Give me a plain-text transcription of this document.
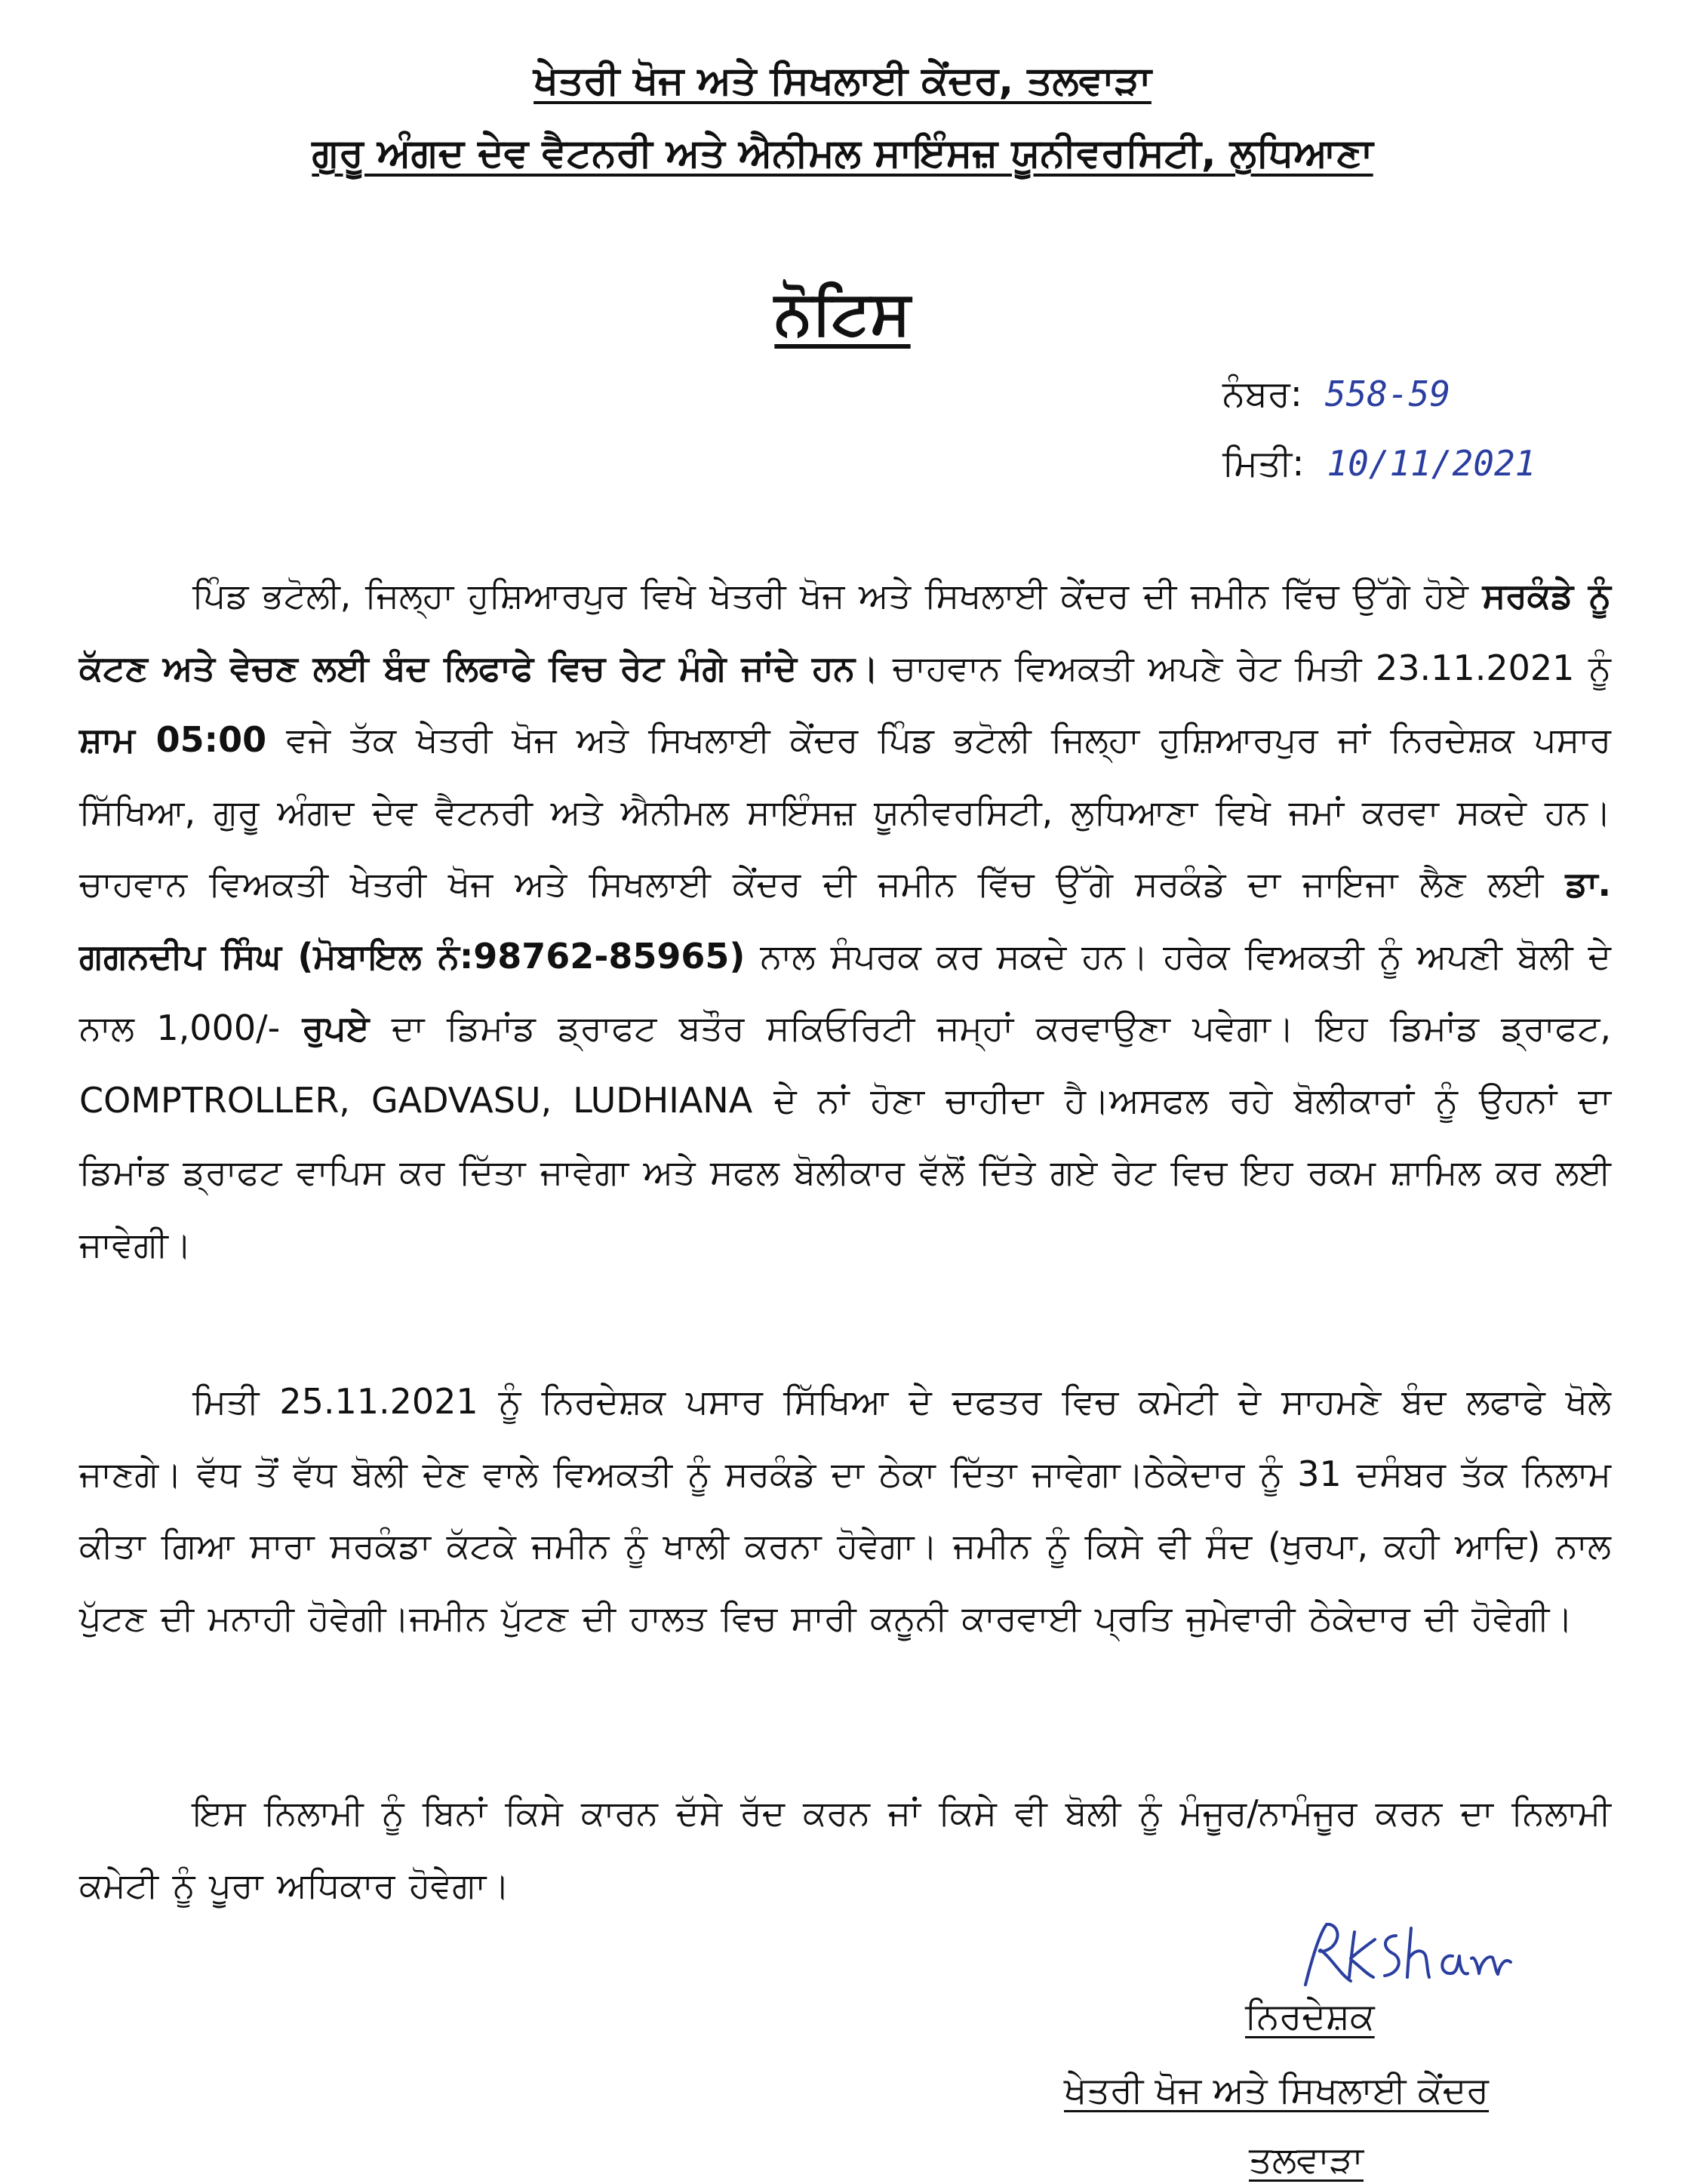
ਖੇਤਰੀ ਖੋਜ ਅਤੇ ਸਿਖਲਾਈ ਕੇਂਦਰ, ਤਲਵਾੜਾ
ਗੁਰੂ ਅੰਗਦ ਦੇਵ ਵੈਟਨਰੀ ਅਤੇ ਐਨੀਮਲ ਸਾਇੰਸਜ਼ ਯੂਨੀਵਰਸਿਟੀ, ਲੁਧਿਆਣਾ
ਨੋਟਿਸ
ਨੰਬਰ: 558-59
ਮਿਤੀ: 10/11/2021
ਪਿੰਡ ਭਟੋਲੀ, ਜਿਲ੍ਹਾ ਹੁਸ਼ਿਆਰਪੁਰ ਵਿਖੇ ਖੇਤਰੀ ਖੋਜ ਅਤੇ ਸਿਖਲਾਈ ਕੇਂਦਰ ਦੀ ਜਮੀਨ ਵਿੱਚ ਉੱਗੇ ਹੋਏ ਸਰਕੰਡੇ ਨੂੰ ਕੱਟਣ ਅਤੇ ਵੇਚਣ ਲਈ ਬੰਦ ਲਿਫਾਫੇ ਵਿਚ ਰੇਟ ਮੰਗੇ ਜਾਂਦੇ ਹਨ। ਚਾਹਵਾਨ ਵਿਅਕਤੀ ਅਪਣੇ ਰੇਟ ਮਿਤੀ 23.11.2021 ਨੂੰ ਸ਼ਾਮ 05:00 ਵਜੇ ਤੱਕ ਖੇਤਰੀ ਖੋਜ ਅਤੇ ਸਿਖਲਾਈ ਕੇਂਦਰ ਪਿੰਡ ਭਟੋਲੀ ਜਿਲ੍ਹਾ ਹੁਸ਼ਿਆਰਪੁਰ ਜਾਂ ਨਿਰਦੇਸ਼ਕ ਪਸਾਰ ਸਿੱਖਿਆ, ਗੁਰੂ ਅੰਗਦ ਦੇਵ ਵੈਟਨਰੀ ਅਤੇ ਐਨੀਮਲ ਸਾਇੰਸਜ਼ ਯੂਨੀਵਰਸਿਟੀ, ਲੁਧਿਆਣਾ ਵਿਖੇ ਜਮਾਂ ਕਰਵਾ ਸਕਦੇ ਹਨ।ਚਾਹਵਾਨ ਵਿਅਕਤੀ ਖੇਤਰੀ ਖੋਜ ਅਤੇ ਸਿਖਲਾਈ ਕੇਂਦਰ ਦੀ ਜਮੀਨ ਵਿੱਚ ਉੱਗੇ ਸਰਕੰਡੇ ਦਾ ਜਾਇਜਾ ਲੈਣ ਲਈ ਡਾ. ਗਗਨਦੀਪ ਸਿੰਘ (ਮੋਬਾਇਲ ਨੰ:98762-85965) ਨਾਲ ਸੰਪਰਕ ਕਰ ਸਕਦੇ ਹਨ। ਹਰੇਕ ਵਿਅਕਤੀ ਨੂੰ ਅਪਣੀ ਬੋਲੀ ਦੇ ਨਾਲ 1,000/- ਰੁਪਏ ਦਾ ਡਿਮਾਂਡ ਡ੍ਰਾਫਟ ਬਤੌਰ ਸਕਿਓਰਿਟੀ ਜਮ੍ਹਾਂ ਕਰਵਾਉਣਾ ਪਵੇਗਾ। ਇਹ ਡਿਮਾਂਡ ਡ੍ਰਾਫਟ, COMPTROLLER, GADVASU, LUDHIANA ਦੇ ਨਾਂ ਹੋਣਾ ਚਾਹੀਦਾ ਹੈ।ਅਸਫਲ ਰਹੇ ਬੋਲੀਕਾਰਾਂ ਨੂੰ ਉਹਨਾਂ ਦਾ ਡਿਮਾਂਡ ਡ੍ਰਾਫਟ ਵਾਪਿਸ ਕਰ ਦਿੱਤਾ ਜਾਵੇਗਾ ਅਤੇ ਸਫਲ ਬੋਲੀਕਾਰ ਵੱਲੋਂ ਦਿੱਤੇ ਗਏ ਰੇਟ ਵਿਚ ਇਹ ਰਕਮ ਸ਼ਾਮਿਲ ਕਰ ਲਈ ਜਾਵੇਗੀ।
ਮਿਤੀ 25.11.2021 ਨੂੰ ਨਿਰਦੇਸ਼ਕ ਪਸਾਰ ਸਿੱਖਿਆ ਦੇ ਦਫਤਰ ਵਿਚ ਕਮੇਟੀ ਦੇ ਸਾਹਮਣੇ ਬੰਦ ਲਫਾਫੇ ਖੋਲੇ ਜਾਣਗੇ। ਵੱਧ ਤੋਂ ਵੱਧ ਬੋਲੀ ਦੇਣ ਵਾਲੇ ਵਿਅਕਤੀ ਨੂੰ ਸਰਕੰਡੇ ਦਾ ਠੇਕਾ ਦਿੱਤਾ ਜਾਵੇਗਾ।ਠੇਕੇਦਾਰ ਨੂੰ 31 ਦਸੰਬਰ ਤੱਕ ਨਿਲਾਮ ਕੀਤਾ ਗਿਆ ਸਾਰਾ ਸਰਕੰਡਾ ਕੱਟਕੇ ਜਮੀਨ ਨੂੰ ਖਾਲੀ ਕਰਨਾ ਹੋਵੇਗਾ। ਜਮੀਨ ਨੂੰ ਕਿਸੇ ਵੀ ਸੰਦ (ਖੁਰਪਾ, ਕਹੀ ਆਦਿ) ਨਾਲ ਪੁੱਟਣ ਦੀ ਮਨਾਹੀ ਹੋਵੇਗੀ।ਜਮੀਨ ਪੁੱਟਣ ਦੀ ਹਾਲਤ ਵਿਚ ਸਾਰੀ ਕਨੂਨੀ ਕਾਰਵਾਈ ਪ੍ਰਤਿ ਜੁਮੇਵਾਰੀ ਠੇਕੇਦਾਰ ਦੀ ਹੋਵੇਗੀ।
ਇਸ ਨਿਲਾਮੀ ਨੂੰ ਬਿਨਾਂ ਕਿਸੇ ਕਾਰਨ ਦੱਸੇ ਰੱਦ ਕਰਨ ਜਾਂ ਕਿਸੇ ਵੀ ਬੋਲੀ ਨੂੰ ਮੰਜੂਰ/ਨਾਮੰਜੂਰ ਕਰਨ ਦਾ ਨਿਲਾਮੀ ਕਮੇਟੀ ਨੂੰ ਪੂਰਾ ਅਧਿਕਾਰ ਹੋਵੇਗਾ।
ਨਿਰਦੇਸ਼ਕ
ਖੇਤਰੀ ਖੋਜ ਅਤੇ ਸਿਖਲਾਈ ਕੇਂਦਰ
ਤਲਵਾੜਾ
